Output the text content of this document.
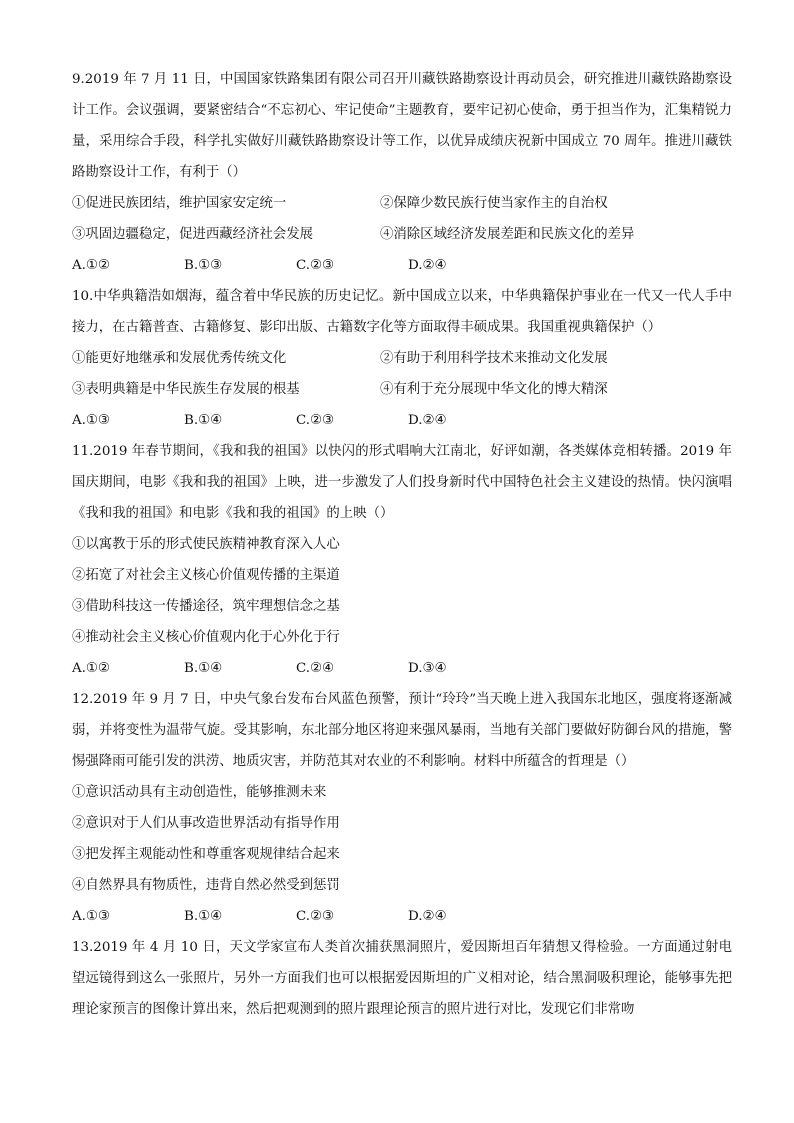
9.2019 年 7 月 11 日，中国国家铁路集团有限公司召开川藏铁路勘察设计再动员会，研究推进川藏铁路勘察设计工作。会议强调，要紧密结合“不忘初心、牢记使命”主题教育，要牢记初心使命，勇于担当作为，汇集精锐力量，采用综合手段，科学扎实做好川藏铁路勘察设计等工作，以优异成绩庆祝新中国成立 70 周年。推进川藏铁路勘察设计工作，有利于（）

①促进民族团结，维护国家安定统一	②保障少数民族行使当家作主的自治权
③巩固边疆稳定，促进西藏经济社会发展	④消除区域经济发展差距和民族文化的差异
A.①②	B.①③	C.②③	D.②④

10.中华典籍浩如烟海，蕴含着中华民族的历史记忆。新中国成立以来，中华典籍保护事业在一代又一代人手中接力，在古籍普查、古籍修复、影印出版、古籍数字化等方面取得丰硕成果。我国重视典籍保护（）

①能更好地继承和发展优秀传统文化	②有助于利用科学技术来推动文化发展
③表明典籍是中华民族生存发展的根基	④有利于充分展现中华文化的博大精深
A.①③	B.①④	C.②③	D.②④

11.2019 年春节期间，《我和我的祖国》以快闪的形式唱响大江南北，好评如潮，各类媒体竞相转播。2019 年国庆期间，电影《我和我的祖国》上映，进一步激发了人们投身新时代中国特色社会主义建设的热情。快闪演唱《我和我的祖国》和电影《我和我的祖国》的上映（）

①以寓教于乐的形式使民族精神教育深入人心
②拓宽了对社会主义核心价值观传播的主渠道
③借助科技这一传播途径，筑牢理想信念之基
④推动社会主义核心价值观内化于心外化于行
A.①②	B.①④	C.②④	D.③④

12.2019 年 9 月 7 日，中央气象台发布台风蓝色预警，预计“玲玲”当天晚上进入我国东北地区，强度将逐渐减弱，并将变性为温带气旋。受其影响，东北部分地区将迎来强风暴雨，当地有关部门要做好防御台风的措施，警惕强降雨可能引发的洪涝、地质灾害，并防范其对农业的不利影响。材料中所蕴含的哲理是（）

①意识活动具有主动创造性，能够推测未来
②意识对于人们从事改造世界活动有指导作用
③把发挥主观能动性和尊重客观规律结合起来
④自然界具有物质性，违背自然必然受到惩罚
A.①③	B.①④	C.②③	D.②④

13.2019 年 4 月 10 日，天文学家宣布人类首次捕获黑洞照片，爱因斯坦百年猜想又得检验。一方面通过射电望远镜得到这么一张照片，另外一方面我们也可以根据爱因斯坦的广义相对论，结合黑洞吸积理论，能够事先把理论家预言的图像计算出来，然后把观测到的照片跟理论预言的照片进行对比，发现它们非常吻
